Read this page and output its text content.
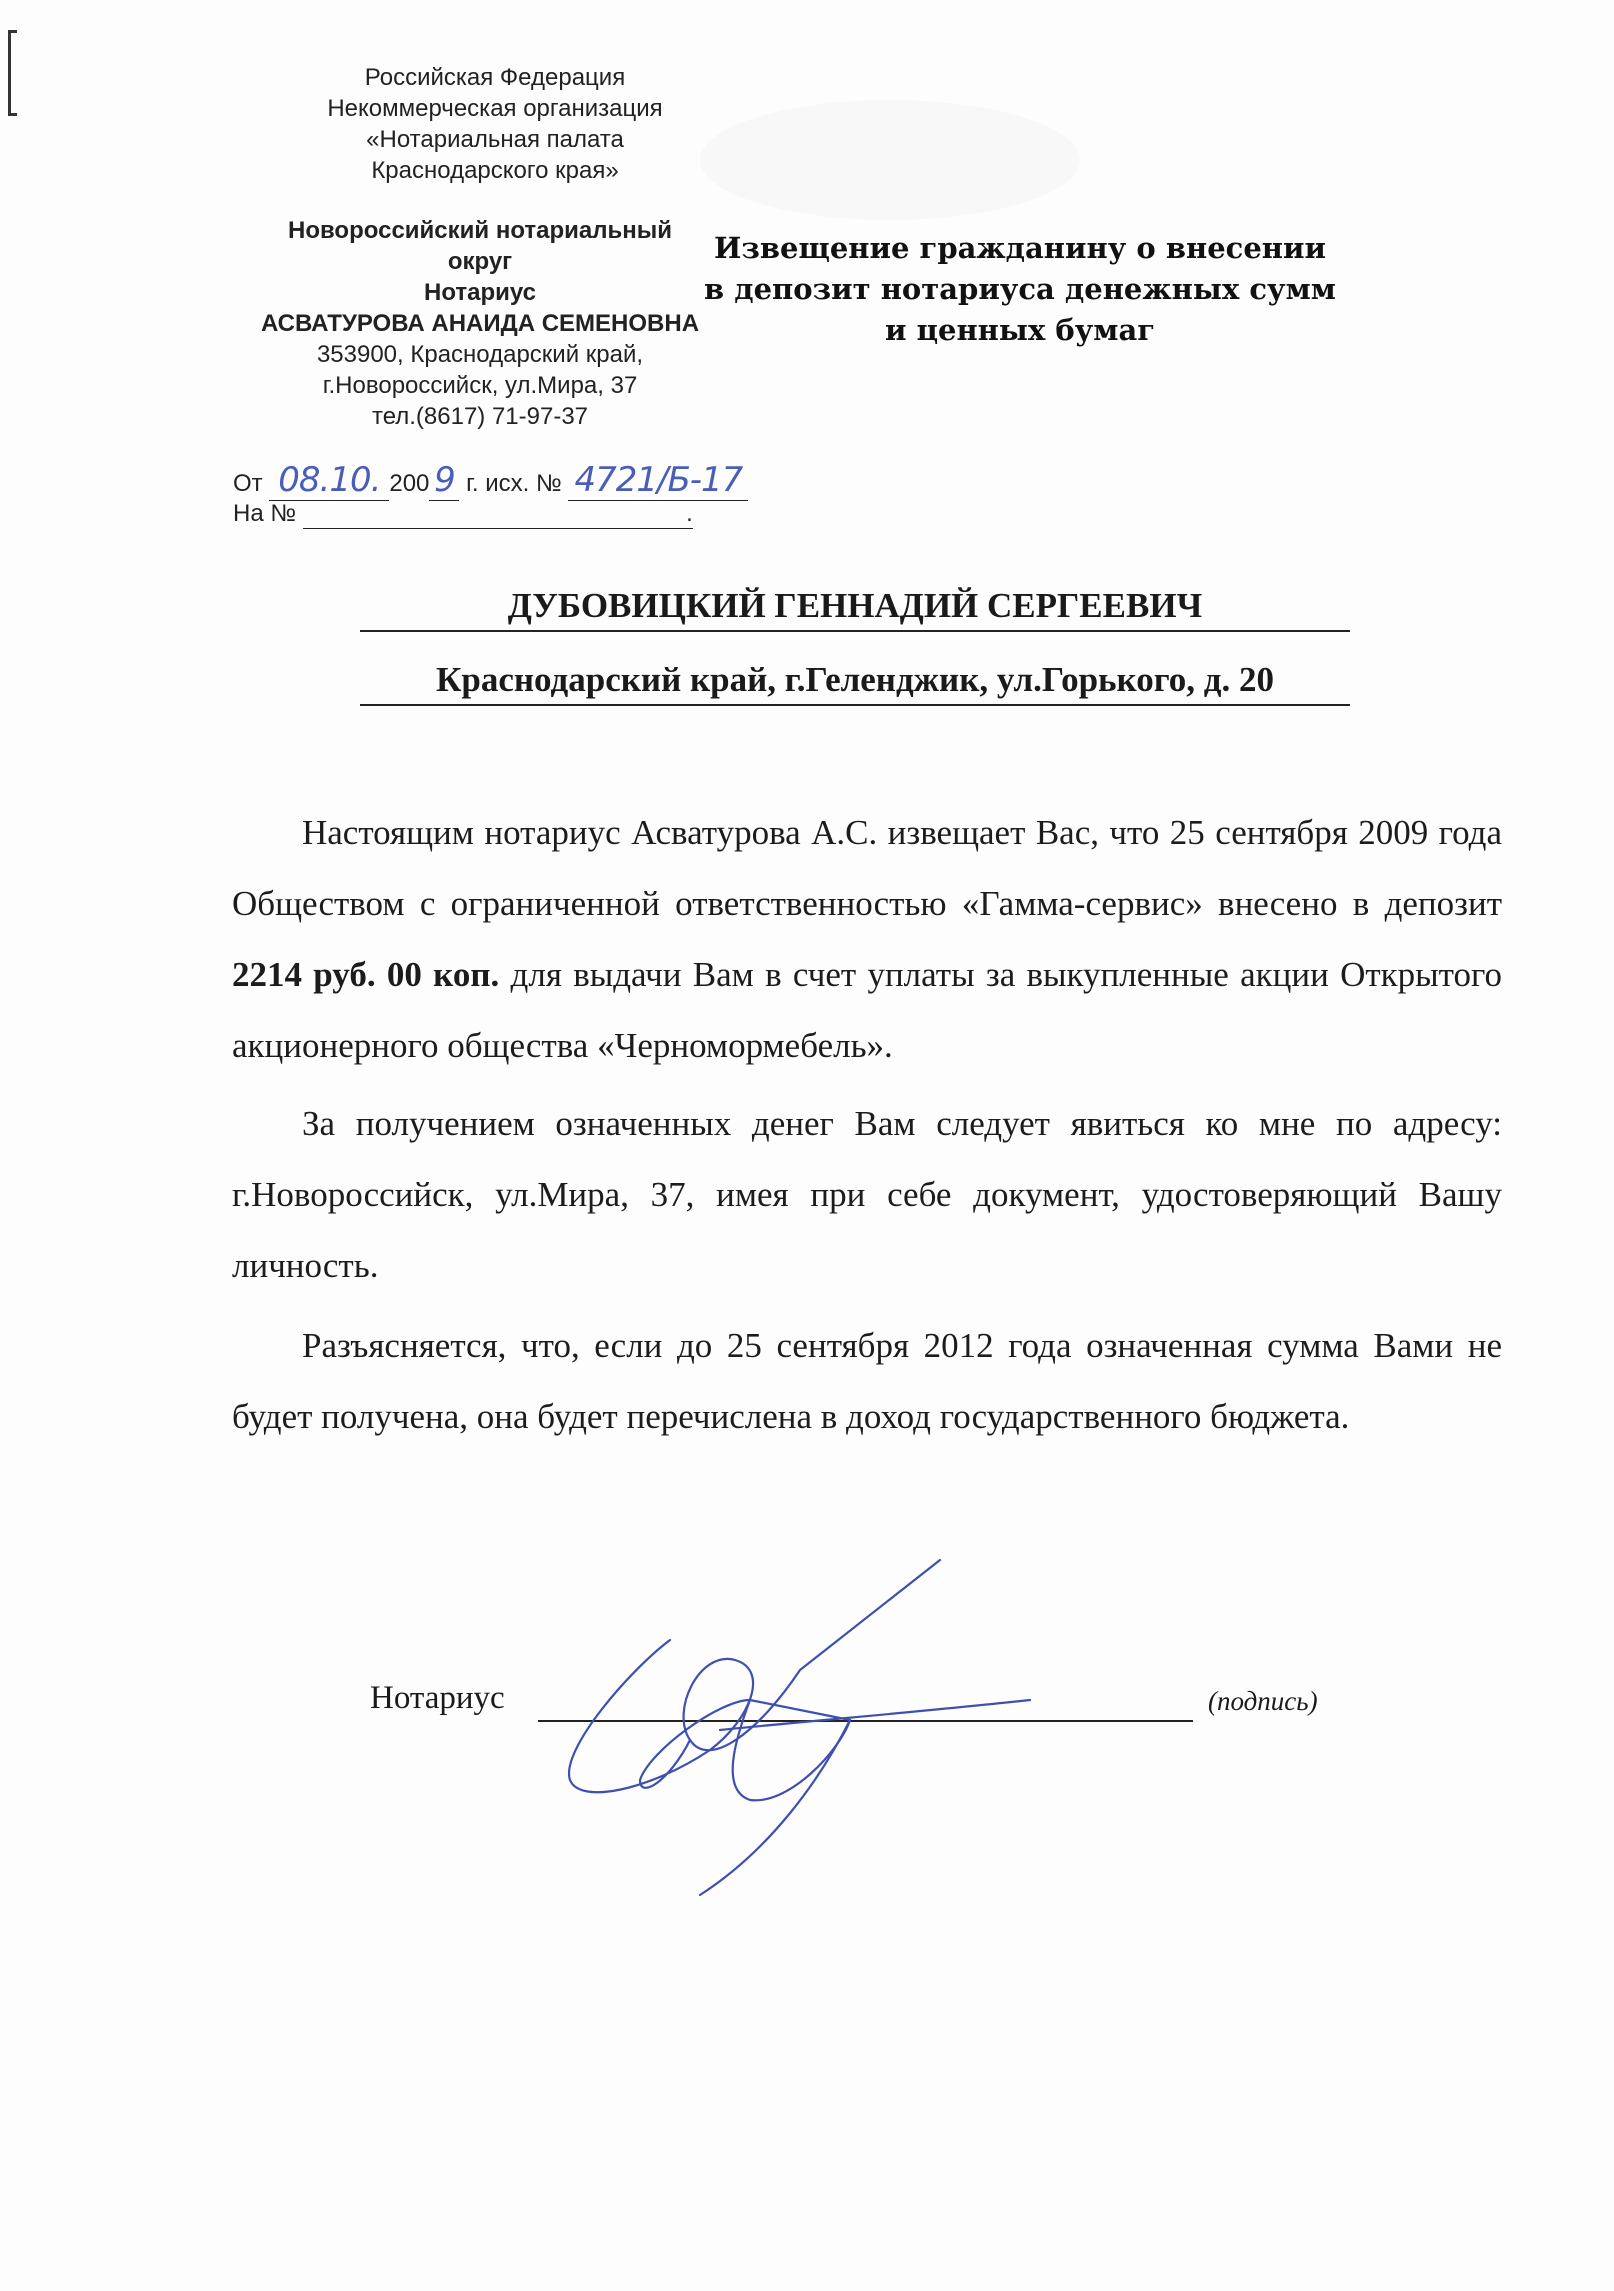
Российская Федерация
Некоммерческая организация
«Нотариальная палата
Краснодарского края»
Новороссийский нотариальный округ
Нотариус
АСВАТУРОВА АНАИДА СЕМЕНОВНА
353900, Краснодарский край,
г.Новороссийск, ул.Мира, 37
тел.(8617) 71-97-37
Извещение гражданину о внесении
в депозит нотариуса денежных сумм
и ценных бумаг
От 08.10. 200 9 г. исх. № 4721/Б-17
На №	.
ДУБОВИЦКИЙ ГЕННАДИЙ СЕРГЕЕВИЧ
Краснодарский край, г.Геленджик, ул.Горького, д. 20

Настоящим нотариус Асватурова А.С. извещает Вас, что 25 сентября 2009 года Обществом с ограниченной ответственностью «Гамма-сервис» внесено в депозит 2214 руб. 00 коп. для выдачи Вам в счет уплаты за выкупленные акции Открытого акционерного общества «Черномормебель».

За получением означенных денег Вам следует явиться ко мне по адресу: г.Новороссийск, ул.Мира, 37, имея при себе документ, удостоверяющий Вашу личность.

Разъясняется, что, если до 25 сентября 2012 года означенная сумма Вами не будет получена, она будет перечислена в доход государственного бюджета.

Нотариус	(подпись)
